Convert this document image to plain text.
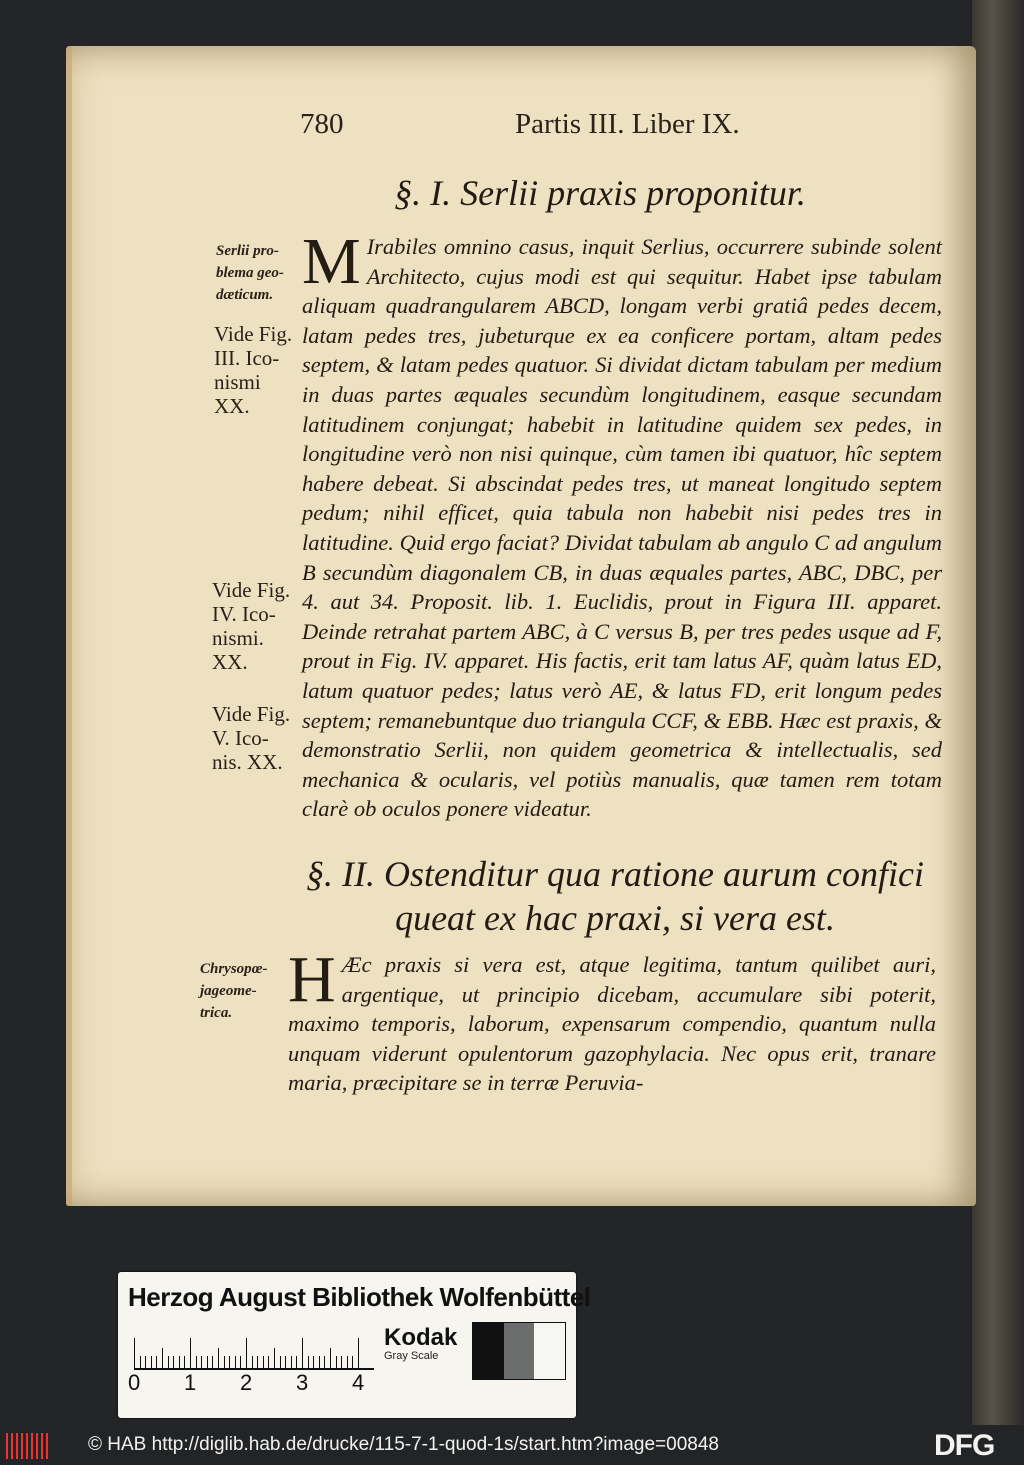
780	Partis III. Liber IX.
§. I. Serlii praxis proponitur.
Serlii pro-
blema geo-
dæticum.
Vide Fig.
III. Ico-
nismi
XX.
Vide Fig.
IV. Ico-
nismi.
XX.
Vide Fig.
V. Ico-
nis. XX.
M Irabiles omnino casus, inquit Serlius, occurrere subinde solent Architecto, cujus modi est qui sequitur. Habet ipse tabulam aliquam quadrangularem ABCD, longam verbi gratiâ pedes decem, latam pedes tres, jubeturque ex ea conficere portam, altam pedes septem, & latam pedes quatuor. Si dividat dictam tabulam per medium in duas partes æquales secundùm longitudinem, easque secundam latitudinem conjungat; habebit in latitudine quidem sex pedes, in longitudine verò non nisi quinque, cùm tamen ibi quatuor, hîc septem habere debeat. Si abscindat pedes tres, ut maneat longitudo septem pedum; nihil efficet, quia tabula non habebit nisi pedes tres in latitudine. Quid ergo faciat? Dividat tabulam ab angulo C ad angulum B secundùm diagonalem CB, in duas æquales partes, ABC, DBC, per 4. aut 34. Proposit. lib. 1. Euclidis, prout in Figura III. apparet. Deinde retrahat partem ABC, à C versus B, per tres pedes usque ad F, prout in Fig. IV. apparet. His factis, erit tam latus AF, quàm latus ED, latum quatuor pedes; latus verò AE, & latus FD, erit longum pedes septem; remanebuntque duo triangula CCF, & EBB. Hæc est praxis, & demonstratio Serlii, non quidem geometrica & intellectualis, sed mechanica & ocularis, vel potiùs manualis, quæ tamen rem totam clarè ob oculos ponere videatur.
§. II. Ostenditur qua ratione aurum confici queat ex hac praxi, si vera est.
Chrysopœ-
jageome-
trica. H Æc praxis si vera est, atque legitima, tantum quilibet auri, argentique, ut principio dicebam, accumulare sibi poterit, maximo temporis, laborum, expensarum compendio, quantum nulla unquam viderunt opulentorum gazophylacia. Nec opus erit, tranare maria, præcipitare se in terræ Peruvia-
Herzog August Bibliothek Wolfenbüttel
0 1 2 3 4
Kodak
Gray Scale
© HAB http://diglib.hab.de/drucke/115-7-1-quod-1s/start.htm?image=00848	DFG
